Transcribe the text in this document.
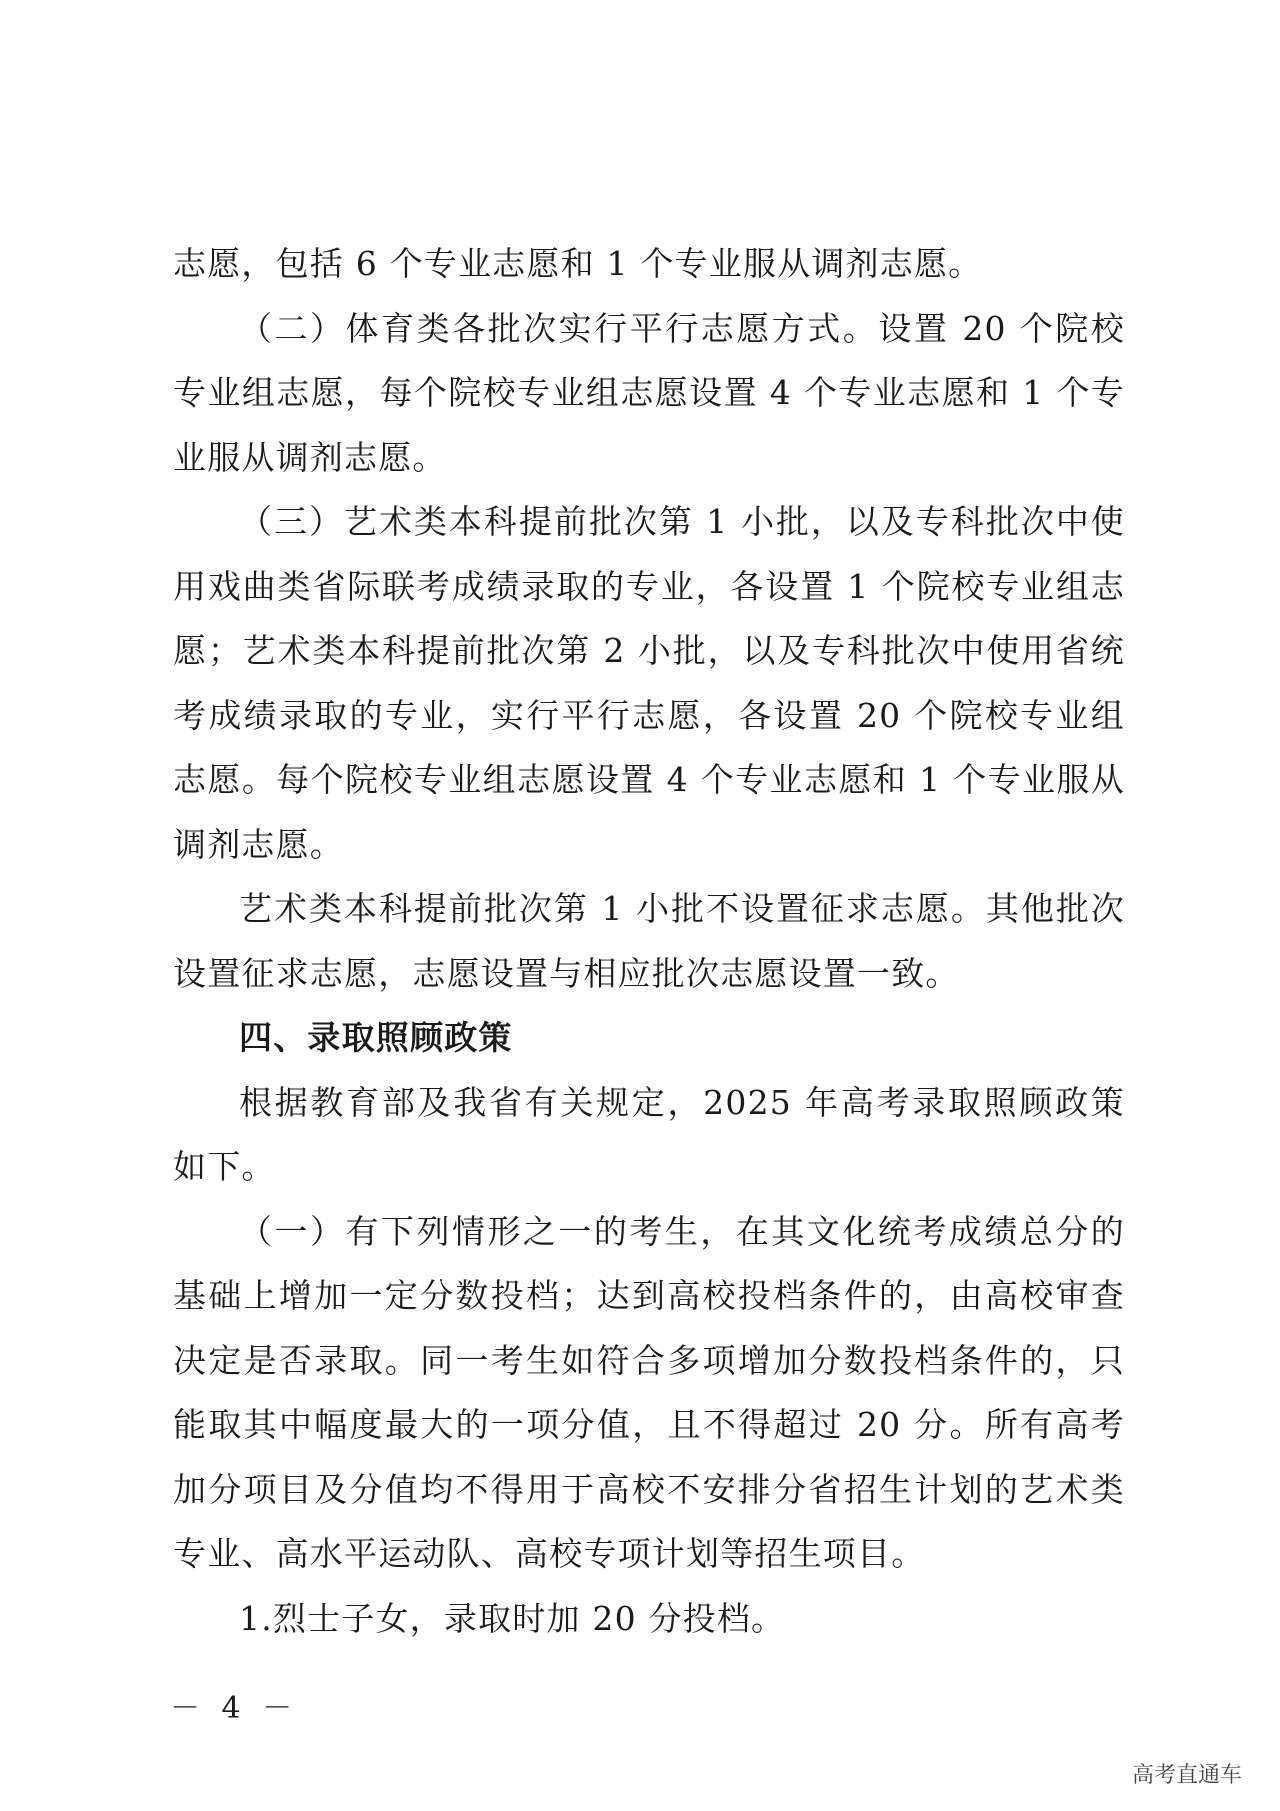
志愿，包括 6 个专业志愿和 1 个专业服从调剂志愿。

（二）体育类各批次实行平行志愿方式。设置 20 个院校专业组志愿，每个院校专业组志愿设置 4 个专业志愿和 1 个专业服从调剂志愿。

（三）艺术类本科提前批次第 1 小批，以及专科批次中使用戏曲类省际联考成绩录取的专业，各设置 1 个院校专业组志愿；艺术类本科提前批次第 2 小批，以及专科批次中使用省统考成绩录取的专业，实行平行志愿，各设置 20 个院校专业组志愿。每个院校专业组志愿设置 4 个专业志愿和 1 个专业服从调剂志愿。

艺术类本科提前批次第 1 小批不设置征求志愿。其他批次设置征求志愿，志愿设置与相应批次志愿设置一致。

四、录取照顾政策

根据教育部及我省有关规定，2025 年高考录取照顾政策如下。

（一）有下列情形之一的考生，在其文化统考成绩总分的基础上增加一定分数投档；达到高校投档条件的，由高校审查决定是否录取。同一考生如符合多项增加分数投档条件的，只能取其中幅度最大的一项分值，且不得超过 20 分。所有高考加分项目及分值均不得用于高校不安排分省招生计划的艺术类专业、高水平运动队、高校专项计划等招生项目。

1.烈士子女，录取时加 20 分投档。

－ 4 －
高考直通车
